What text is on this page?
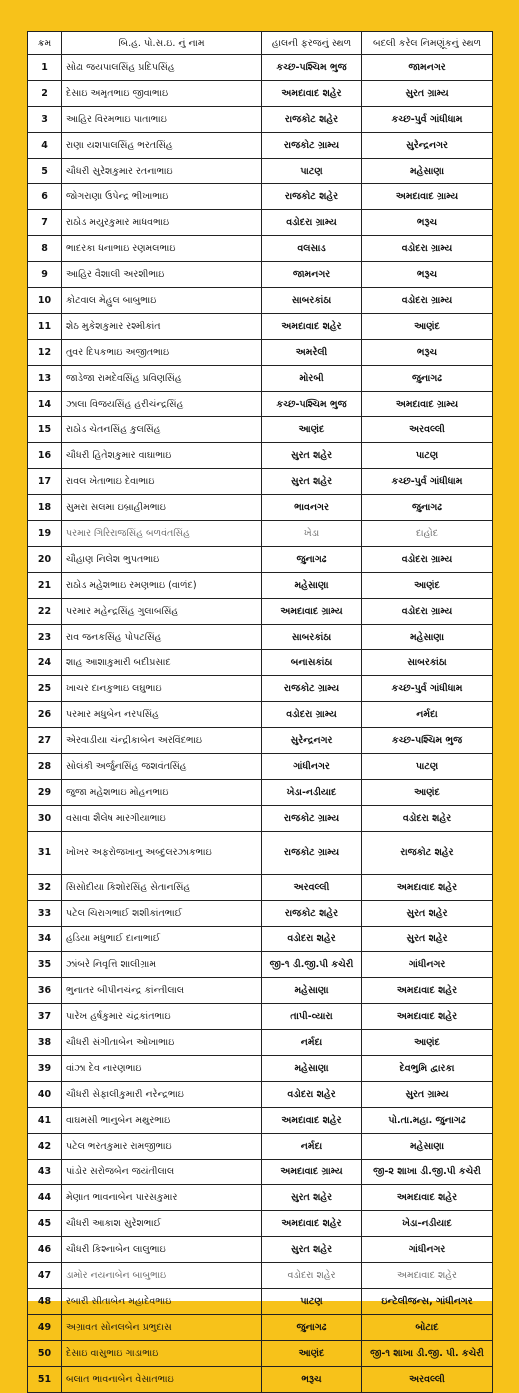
ક્રમ	બિ.હ. પો.સ.ઇ. નું નામ	હાલની ફરજનું સ્થળ	બદલી કરેલ નિમણૂંકનું સ્થળ
1	સોઢા જયપાલસિંહ પ્રદિપસિંહ	કચ્છ-પશ્ચિમ ભુજ	જામનગર
2	દેસાઇ અમૃતભાઇ જીવાભાઇ	અમદાવાદ શહેર	સુરત ગ્રામ્ય
3	આહિર વિરમભાઇ પાતાભાઇ	રાજકોટ શહેર	કચ્છ-પુર્વ ગાંધીધામ
4	રાણા યશપાલસિંહ ભરતસિંહ	રાજકોટ ગ્રામ્ય	સુરેન્દ્રનગર
5	ચૌધરી સુરેશકુમાર રતનાભાઇ	પાટણ	મહેસાણા
6	જોગરાણા ઉપેન્દ્ર ભીખાભાઇ	રાજકોટ શહેર	અમદાવાદ ગ્રામ્ય
7	રાઠોડ મયુરકુમાર માધવભાઇ	વડોદરા ગ્રામ્ય	ભરૂચ
8	ભાદરકા ધનાભાઇ રણમલભાઇ	વલસાડ	વડોદરા ગ્રામ્ય
9	આહિર વૈશાલી અરશીભાઇ	જામનગર	ભરૂચ
10	કોટવાલ મેહુલ બાબુભાઇ	સાબરકાંઠા	વડોદરા ગ્રામ્ય
11	શેઠ મુકેશકુમાર રશ્મીકાંત	અમદાવાદ શહેર	આણંદ
12	તુવર દિપકભાઇ અજીતભાઇ	અમરેલી	ભરૂચ
13	જાડેજા રામદેવસિંહ પ્રવિણસિંહ	મોરબી	જુનાગઢ
14	ઝાલા વિજયસિંહ હરીચંન્દ્રસિંહ	કચ્છ-પશ્ચિમ ભુજ	અમદાવાદ ગ્રામ્ય
15	રાઠોડ ચેતનસિંહ કુલસિંહ	આણંદ	અરવલ્લી
16	ચૌધરી હિતેશકુમાર વાઘાભાઇ	સુરત શહેર	પાટણ
17	રાવલ ખેતાભાઇ દેવાભાઇ	સુરત શહેર	કચ્છ-પુર્વ ગાંધીધામ
18	સુમરા સલમા ઇબ્રાહીમભાઇ	ભાવનગર	જુનાગઢ
19	પરમાર ગિરિરાજસિંહ બળવંતસિંહ	ખેડા	દાહોદ
20	ચૌહાણ નિલેશ ભુપતભાઇ	જુનાગઢ	વડોદરા ગ્રામ્ય
21	રાઠોડ મહેશભાઇ રમણભાઇ (વાળંદ)	મહેસાણા	આણંદ
22	પરમાર મહેન્દ્રસિંહ ગુલાબસિંહ	અમદાવાદ ગ્રામ્ય	વડોદરા ગ્રામ્ય
23	રાવ જનકસિંહ પોપટસિંહ	સાબરકાંઠા	મહેસાણા
24	શાહ આશાકુમારી બદીપ્રસાદ	બનાસકાંઠા	સાબરકાંઠા
25	ખાચર દાનકુભાઇ લઘુભાઇ	રાજકોટ ગ્રામ્ય	કચ્છ-પુર્વ ગાંધીધામ
26	પરમાર મધુબેન નરપસિંહ	વડોદરા ગ્રામ્ય	નર્મદા
27	એરવાડીયા ચંન્દ્રીકાબેન અરવિંદભાઇ	સુરેન્દ્રનગર	કચ્છ-પશ્ચિમ ભુજ
28	સોલંકી અર્જુનસિંહ જશવંતસિંહ	ગાંધીનગર	પાટણ
29	જુજા મહેશભાઇ મોહનભાઇ	ખેડા-નડીયાદ	આણંદ
30	વસાવા શૈલેષ મારગીયાભાઇ	રાજકોટ ગ્રામ્ય	વડોદરા શહેર
31	ખોખર અફરોજખાનુ અબ્દુલરઝાકભાઇ	રાજકોટ ગ્રામ્ય	રાજકોટ શહેર
32	સિસોદીયા કિશોરસિંહ સેતાનસિંહ	અરવલ્લી	અમદાવાદ શહેર
33	પટેલ ચિરાગભાઈ શશીકાંતભાઈ	રાજકોટ શહેર	સુરત શહેર
34	હડિયા મધુભાઈ દાનાભાઈ	વડોદરા શહેર	સુરત શહેર
35	ઝાંબરે નિવૃત્તિ શાલીગ્રામ	જી-૧ ડી.જી.પી કચેરી	ગાંધીનગર
36	ભુનાતર બીપીનચંન્દ્ર કાંન્તીલાલ	મહેસાણા	અમદાવાદ શહેર
37	પારેખ હર્ષકુમાર ચંદ્રકાંતભાઇ	તાપી-વ્યારા	અમદાવાદ શહેર
38	ચૌધરી સંગીતાબેન ઓખાભાઇ	નર્મદા	આણંદ
39	વાંઝા દેવ નારણભાઇ	મહેસાણા	દેવભુમિ દ્વારકા
40	ચૌધરી સેફાલીકુમારી નરેન્દ્રભાઇ	વડોદરા શહેર	સુરત ગ્રામ્ય
41	વાઘમસી ભાનુબેન મથુરભાઇ	અમદાવાદ શહેર	પો.તા.મહા. જુનાગઢ
42	પટેલ ભરતકુમાર રામજીભાઇ	નર્મદા	મહેસાણા
43	પાંડોર સરોજબેન જયંતીલાલ	અમદાવાદ ગ્રામ્ય	જી-૨ શાખા ડી.જી.પી કચેરી
44	મેણાત ભાવનાબેન પારસકુમાર	સુરત શહેર	અમદાવાદ શહેર
45	ચૌધરી આકાશ સુરેશભાઈ	અમદાવાદ શહેર	ખેડા-નડીયાદ
46	ચૌધરી કિશ્નાબેન લાલુભાઇ	સુરત શહેર	ગાંધીનગર
47	ડામોર નયનાબેન બાબુભાઇ	વડોદરા શહેર	અમદાવાદ શહેર
48	રબારી સીતાબેન મહાદેવભાઇ	પાટણ	ઇન્ટેલીજન્સ, ગાંધીનગર
49	અગ્રાવત સોનલબેન પ્રભુદાસ	જુનાગઢ	બોટાદ
50	દેસાઇ વાસુભાઇ ગાડાભાઇ	આણંદ	જી-૧ શાખા ડી.જી. પી. કચેરી
51	બલાત ભાવનાબેન વેસાતભાઇ	ભરૂચ	અરવલ્લી
